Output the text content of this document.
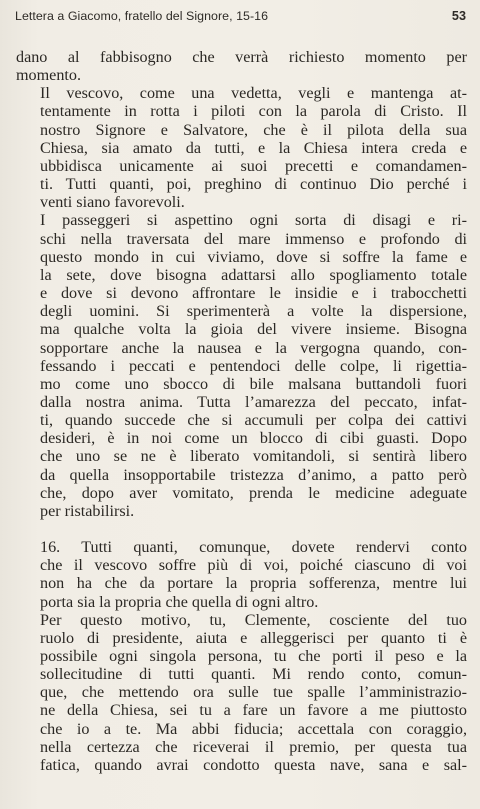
Lettera a Giacomo, fratello del Signore, 15-16	53

dano al fabbisogno che verrà richiesto momento per
momento.

Il vescovo, come una vedetta, vegli e mantenga at-
tentamente in rotta i piloti con la parola di Cristo. Il
nostro Signore e Salvatore, che è il pilota della sua
Chiesa, sia amato da tutti, e la Chiesa intera creda e
ubbidisca unicamente ai suoi precetti e comandamen-
ti. Tutti quanti, poi, preghino di continuo Dio perché i
venti siano favorevoli.

I passeggeri si aspettino ogni sorta di disagi e ri-
schi nella traversata del mare immenso e profondo di
questo mondo in cui viviamo, dove si soffre la fame e
la sete, dove bisogna adattarsi allo spogliamento totale
e dove si devono affrontare le insidie e i trabocchetti
degli uomini. Si sperimenterà a volte la dispersione,
ma qualche volta la gioia del vivere insieme. Bisogna
sopportare anche la nausea e la vergogna quando, con-
fessando i peccati e pentendoci delle colpe, li rigettia-
mo come uno sbocco di bile malsana buttandoli fuori
dalla nostra anima. Tutta l’amarezza del peccato, infat-
ti, quando succede che si accumuli per colpa dei cattivi
desideri, è in noi come un blocco di cibi guasti. Dopo
che uno se ne è liberato vomitandoli, si sentirà libero
da quella insopportabile tristezza d’animo, a patto però
che, dopo aver vomitato, prenda le medicine adeguate
per ristabilirsi.

16. Tutti quanti, comunque, dovete rendervi conto
che il vescovo soffre più di voi, poiché ciascuno di voi
non ha che da portare la propria sofferenza, mentre lui
porta sia la propria che quella di ogni altro.

Per questo motivo, tu, Clemente, cosciente del tuo
ruolo di presidente, aiuta e alleggerisci per quanto ti è
possibile ogni singola persona, tu che porti il peso e la
sollecitudine di tutti quanti. Mi rendo conto, comun-
que, che mettendo ora sulle tue spalle l’amministrazio-
ne della Chiesa, sei tu a fare un favore a me piuttosto
che io a te. Ma abbi fiducia; accettala con coraggio,
nella certezza che riceverai il premio, per questa tua
fatica, quando avrai condotto questa nave, sana e sal-
